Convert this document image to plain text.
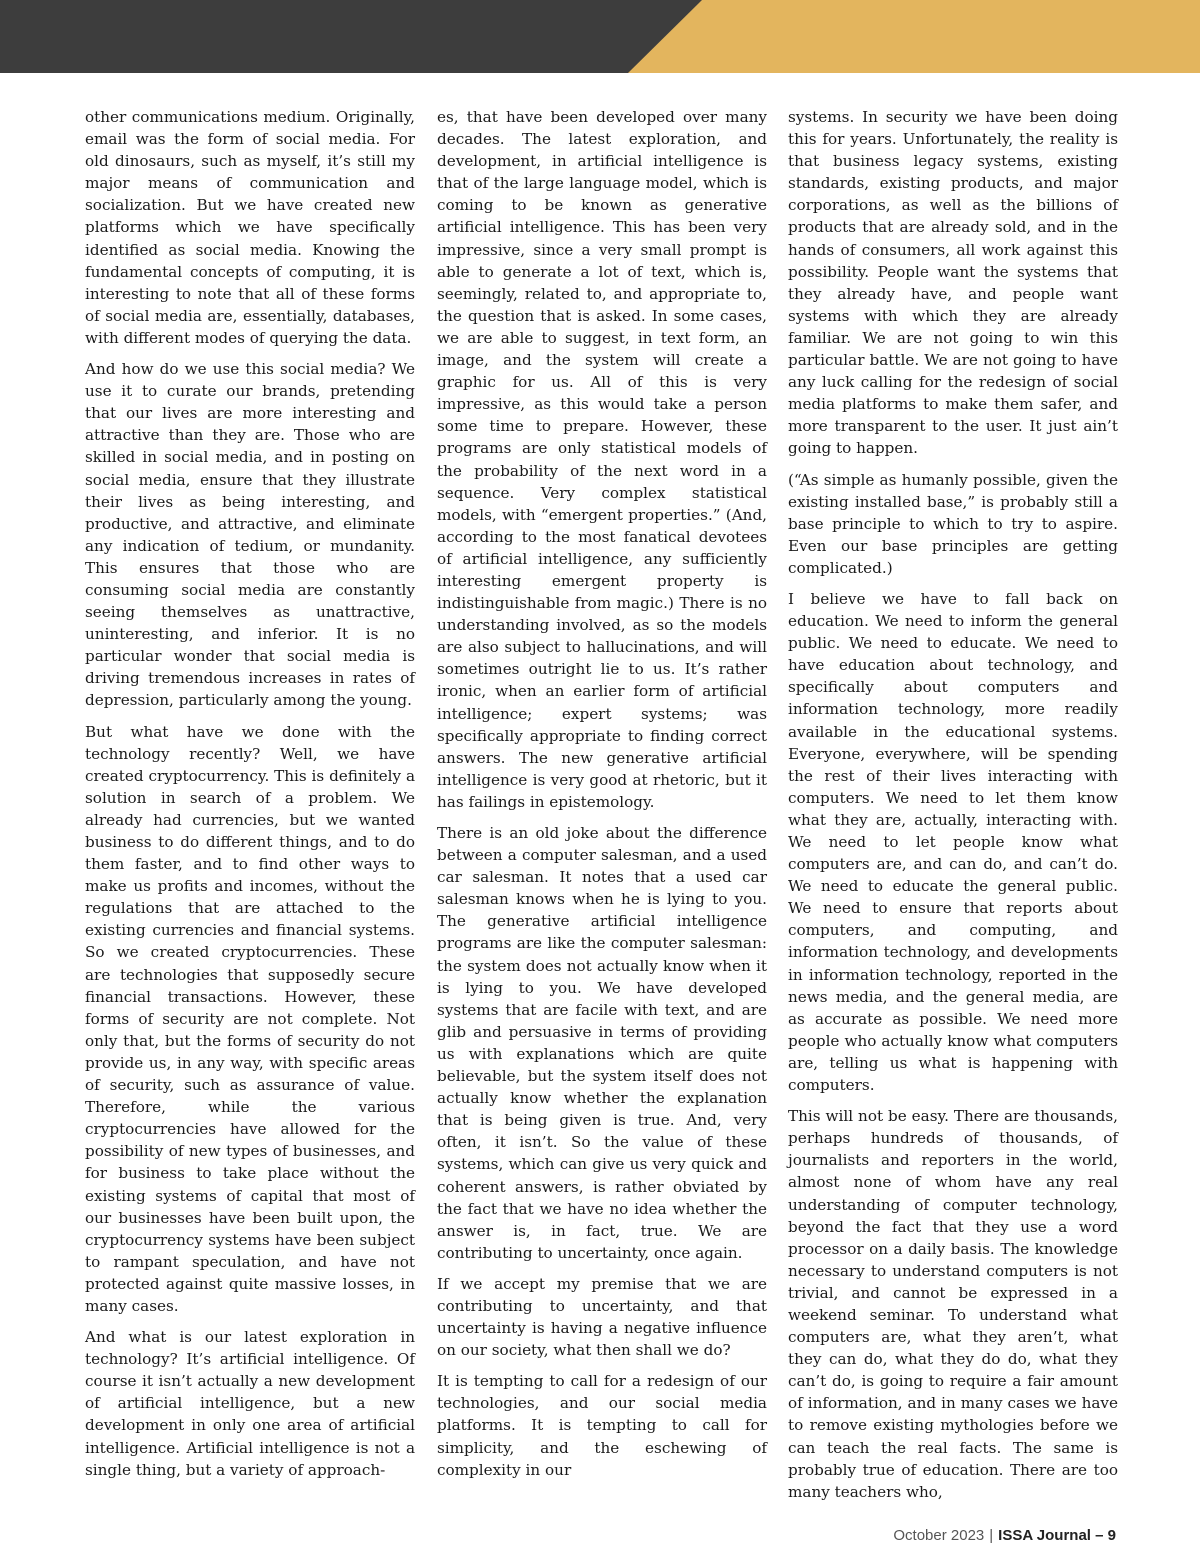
other communications medium. Originally, email was the form of social media. For old dinosaurs, such as myself, it’s still my major means of communication and socialization. But we have created new platforms which we have specifically identified as social media. Knowing the fundamental concepts of computing, it is interesting to note that all of these forms of social media are, essentially, databases, with different modes of querying the data.

And how do we use this social media? We use it to curate our brands, pretending that our lives are more interesting and attractive than they are. Those who are skilled in social media, and in posting on social media, ensure that they illustrate their lives as being interesting, and productive, and attractive, and eliminate any indication of tedium, or mundanity. This ensures that those who are consuming social media are constantly seeing themselves as unattractive, uninteresting, and inferior. It is no particular wonder that social media is driving tremendous increases in rates of depression, particularly among the young.

But what have we done with the technology recently? Well, we have created cryptocurrency. This is definitely a solution in search of a problem. We already had currencies, but we wanted business to do different things, and to do them faster, and to find other ways to make us profits and incomes, without the regulations that are attached to the existing currencies and financial systems. So we created cryptocurrencies. These are technologies that supposedly secure financial transactions. However, these forms of security are not complete. Not only that, but the forms of security do not provide us, in any way, with specific areas of security, such as assurance of value. Therefore, while the various cryptocurrencies have allowed for the possibility of new types of businesses, and for business to take place without the existing systems of capital that most of our businesses have been built upon, the cryptocurrency systems have been subject to rampant speculation, and have not protected against quite massive losses, in many cases.

And what is our latest exploration in technology? It’s artificial intelligence. Of course it isn’t actually a new development of artificial intelligence, but a new development in only one area of artificial intelligence. Artificial intelligence is not a single thing, but a variety of approach-

es, that have been developed over many decades. The latest exploration, and development, in artificial intelligence is that of the large language model, which is coming to be known as generative artificial intelligence. This has been very impressive, since a very small prompt is able to generate a lot of text, which is, seemingly, related to, and appropriate to, the question that is asked. In some cases, we are able to suggest, in text form, an image, and the system will create a graphic for us. All of this is very impressive, as this would take a person some time to prepare. However, these programs are only statistical models of the probability of the next word in a sequence. Very complex statistical models, with “emergent properties.” (And, according to the most fanatical devotees of artificial intelligence, any sufficiently interesting emergent property is indistinguishable from magic.) There is no understanding involved, as so the models are also subject to hallucinations, and will sometimes outright lie to us. It’s rather ironic, when an earlier form of artificial intelligence; expert systems; was specifically appropriate to finding correct answers. The new generative artificial intelligence is very good at rhetoric, but it has failings in epistemology.

There is an old joke about the difference between a computer salesman, and a used car salesman. It notes that a used car salesman knows when he is lying to you. The generative artificial intelligence programs are like the computer salesman: the system does not actually know when it is lying to you. We have developed systems that are facile with text, and are glib and persuasive in terms of providing us with explanations which are quite believable, but the system itself does not actually know whether the explanation that is being given is true. And, very often, it isn’t. So the value of these systems, which can give us very quick and coherent answers, is rather obviated by the fact that we have no idea whether the answer is, in fact, true. We are contributing to uncertainty, once again.

If we accept my premise that we are contributing to uncertainty, and that uncertainty is having a negative influence on our society, what then shall we do?

It is tempting to call for a redesign of our technologies, and our social media platforms. It is tempting to call for simplicity, and the eschewing of complexity in our

systems. In security we have been doing this for years. Unfortunately, the reality is that business legacy systems, existing standards, existing products, and major corporations, as well as the billions of products that are already sold, and in the hands of consumers, all work against this possibility. People want the systems that they already have, and people want systems with which they are already familiar. We are not going to win this particular battle. We are not going to have any luck calling for the redesign of social media platforms to make them safer, and more transparent to the user. It just ain’t going to happen.

(“As simple as humanly possible, given the existing installed base,” is probably still a base principle to which to try to aspire. Even our base principles are getting complicated.)

I believe we have to fall back on education. We need to inform the general public. We need to educate. We need to have education about technology, and specifically about computers and information technology, more readily available in the educational systems. Everyone, everywhere, will be spending the rest of their lives interacting with computers. We need to let them know what they are, actually, interacting with. We need to let people know what computers are, and can do, and can’t do. We need to educate the general public. We need to ensure that reports about computers, and computing, and information technology, and developments in information technology, reported in the news media, and the general media, are as accurate as possible. We need more people who actually know what computers are, telling us what is happening with computers.

This will not be easy. There are thousands, perhaps hundreds of thousands, of journalists and reporters in the world, almost none of whom have any real understanding of computer technology, beyond the fact that they use a word processor on a daily basis. The knowledge necessary to understand computers is not trivial, and cannot be expressed in a weekend seminar. To understand what computers are, what they aren’t, what they can do, what they do do, what they can’t do, is going to require a fair amount of information, and in many cases we have to remove existing mythologies before we can teach the real facts. The same is probably true of education. There are too many teachers who,

October 2023 | ISSA Journal – 9
